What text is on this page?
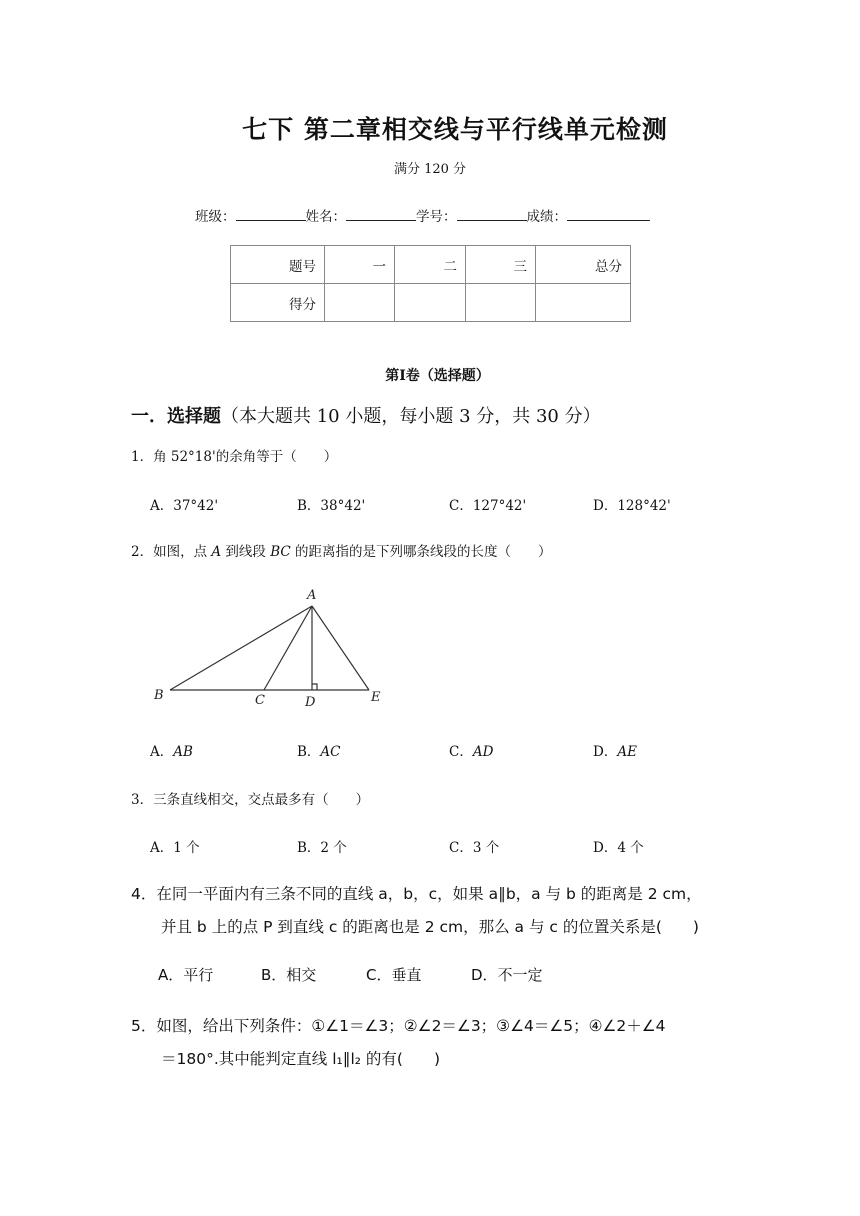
七下 第二章相交线与平行线单元检测
满分 120 分
班级：	姓名：	学号：	成绩：
题号	一	二	三	总分
得分				
第Ⅰ卷（选择题）
一．选择题（本大题共 10 小题，每小题 3 分，共 30 分）
1．角 52°18'的余角等于（　　）
A．37°42'	B．38°42'	C．127°42'	D．128°42'
2．如图，点 A 到线段 BC 的距离指的是下列哪条线段的长度（　　）
A
B	C	D	E
A．AB	B．AC	C．AD	D．AE
3．三条直线相交，交点最多有（　　）
A．1 个	B．2 个	C．3 个	D．4 个
4．在同一平面内有三条不同的直线 a，b，c，如果 a∥b，a 与 b 的距离是 2 cm，
并且 b 上的点 P 到直线 c 的距离也是 2 cm，那么 a 与 c 的位置关系是(　　)
A．平行	B．相交	C．垂直	D．不一定
5．如图，给出下列条件：①∠1＝∠3；②∠2＝∠3；③∠4＝∠5；④∠2＋∠4
＝180°.其中能判定直线 l₁∥l₂ 的有(　　)
